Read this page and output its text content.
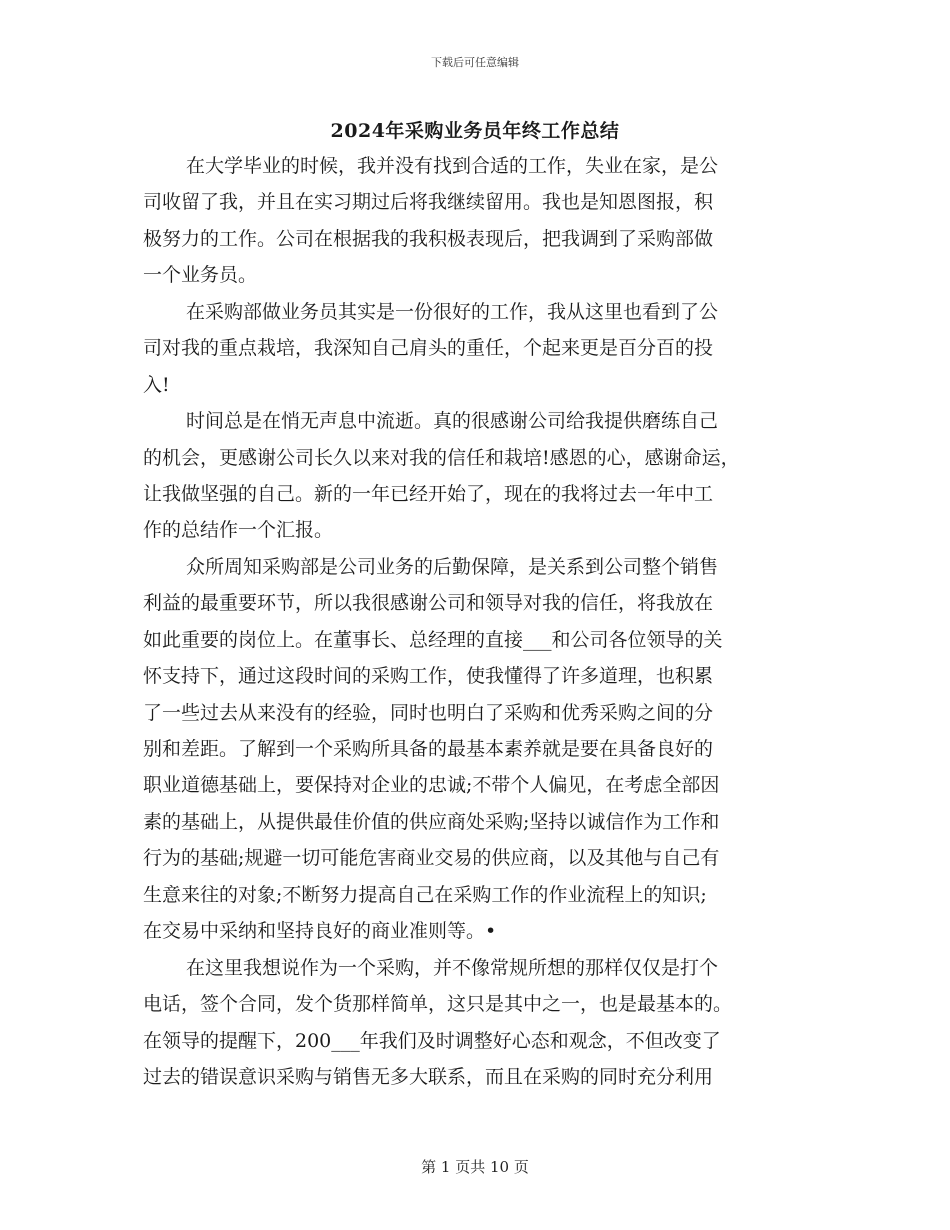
下载后可任意编辑
2024年采购业务员年终工作总结
在大学毕业的时候，我并没有找到合适的工作，失业在家，是公
司收留了我，并且在实习期过后将我继续留用。我也是知恩图报，积
极努力的工作。公司在根据我的我积极表现后，把我调到了采购部做
一个业务员。
在采购部做业务员其实是一份很好的工作，我从这里也看到了公
司对我的重点栽培，我深知自己肩头的重任，个起来更是百分百的投
入!
时间总是在悄无声息中流逝。真的很感谢公司给我提供磨练自己
的机会，更感谢公司长久以来对我的信任和栽培!感恩的心，感谢命运，
让我做坚强的自己。新的一年已经开始了，现在的我将过去一年中工
作的总结作一个汇报。
众所周知采购部是公司业务的后勤保障，是关系到公司整个销售
利益的最重要环节，所以我很感谢公司和领导对我的信任，将我放在
如此重要的岗位上。在董事长、总经理的直接___和公司各位领导的关
怀支持下，通过这段时间的采购工作，使我懂得了许多道理，也积累
了一些过去从来没有的经验，同时也明白了采购和优秀采购之间的分
别和差距。了解到一个采购所具备的最基本素养就是要在具备良好的
职业道德基础上，要保持对企业的忠诚;不带个人偏见，在考虑全部因
素的基础上，从提供最佳价值的供应商处采购;坚持以诚信作为工作和
行为的基础;规避一切可能危害商业交易的供应商，以及其他与自己有
生意来往的对象;不断努力提高自己在采购工作的作业流程上的知识;
在交易中采纳和坚持良好的商业准则等。•
在这里我想说作为一个采购，并不像常规所想的那样仅仅是打个
电话，签个合同，发个货那样简单，这只是其中之一，也是最基本的。
在领导的提醒下，200___年我们及时调整好心态和观念，不但改变了
过去的错误意识采购与销售无多大联系，而且在采购的同时充分利用
第 1 页共 10 页
